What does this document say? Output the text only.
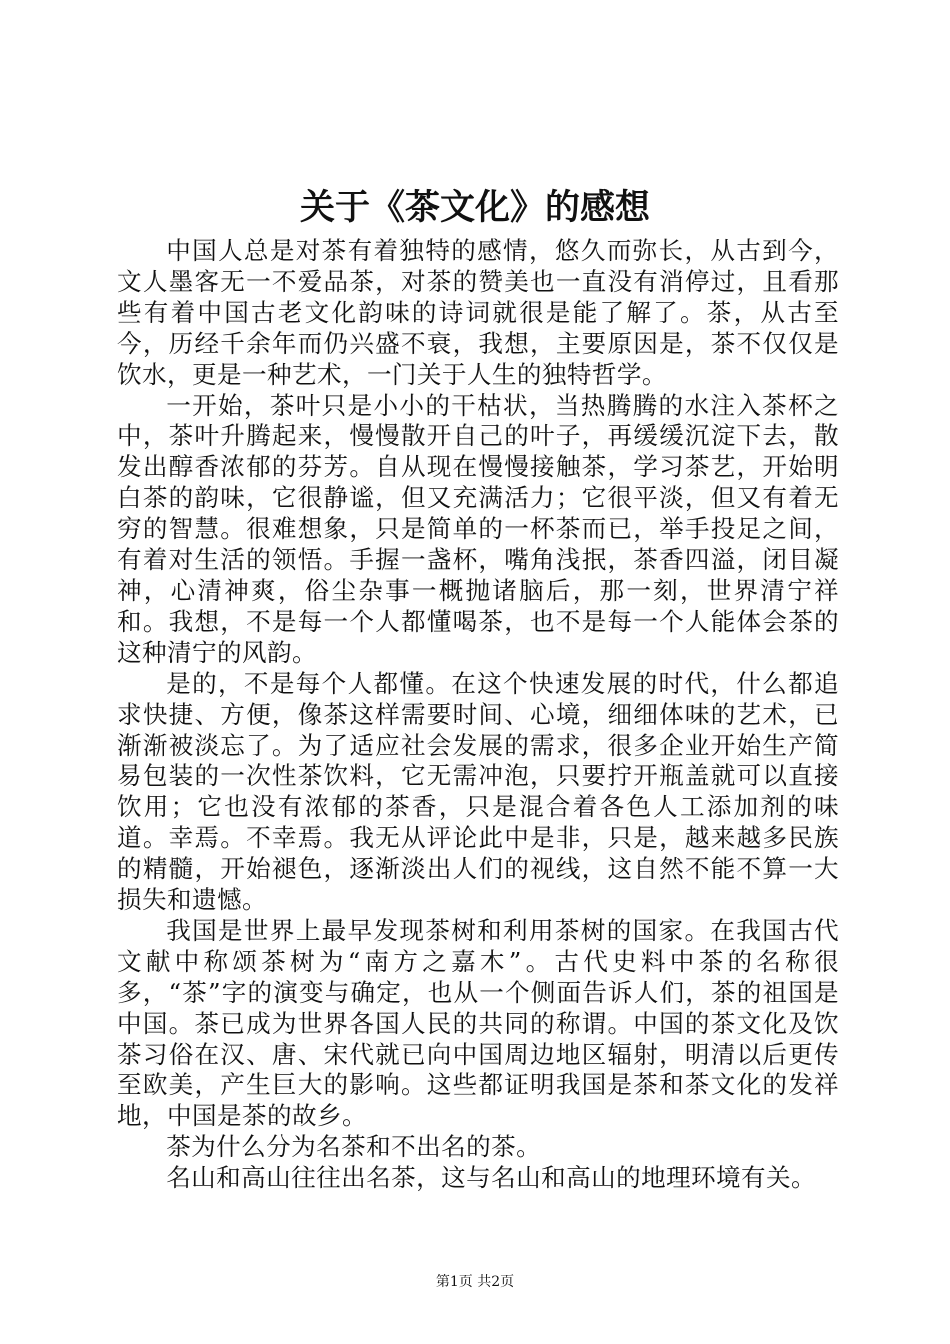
关于《茶文化》的感想

中国人总是对茶有着独特的感情，悠久而弥长，从古到今，文人墨客无一不爱品茶，对茶的赞美也一直没有消停过，且看那些有着中国古老文化韵味的诗词就很是能了解了。茶，从古至今，历经千余年而仍兴盛不衰，我想，主要原因是，茶不仅仅是饮水，更是一种艺术，一门关于人生的独特哲学。

一开始，茶叶只是小小的干枯状，当热腾腾的水注入茶杯之中，茶叶升腾起来，慢慢散开自己的叶子，再缓缓沉淀下去，散发出醇香浓郁的芬芳。自从现在慢慢接触茶，学习茶艺，开始明白茶的韵味，它很静谧，但又充满活力；它很平淡，但又有着无穷的智慧。很难想象，只是简单的一杯茶而已，举手投足之间，有着对生活的领悟。手握一盏杯，嘴角浅抿，茶香四溢，闭目凝神，心清神爽，俗尘杂事一概抛诸脑后，那一刻，世界清宁祥和。我想，不是每一个人都懂喝茶，也不是每一个人能体会茶的这种清宁的风韵。

是的，不是每个人都懂。在这个快速发展的时代，什么都追求快捷、方便，像茶这样需要时间、心境，细细体味的艺术，已渐渐被淡忘了。为了适应社会发展的需求，很多企业开始生产简易包装的一次性茶饮料，它无需冲泡，只要拧开瓶盖就可以直接饮用；它也没有浓郁的茶香，只是混合着各色人工添加剂的味道。幸焉。不幸焉。我无从评论此中是非，只是，越来越多民族的精髓，开始褪色，逐渐淡出人们的视线，这自然不能不算一大损失和遗憾。

我国是世界上最早发现茶树和利用茶树的国家。在我国古代文献中称颂茶树为“南方之嘉木”。古代史料中茶的名称很多，“茶”字的演变与确定，也从一个侧面告诉人们，茶的祖国是中国。茶已成为世界各国人民的共同的称谓。中国的茶文化及饮茶习俗在汉、唐、宋代就已向中国周边地区辐射，明清以后更传至欧美，产生巨大的影响。这些都证明我国是茶和茶文化的发祥地，中国是茶的故乡。

茶为什么分为名茶和不出名的茶。

名山和高山往往出名茶，这与名山和高山的地理环境有关。

第1页 共2页
